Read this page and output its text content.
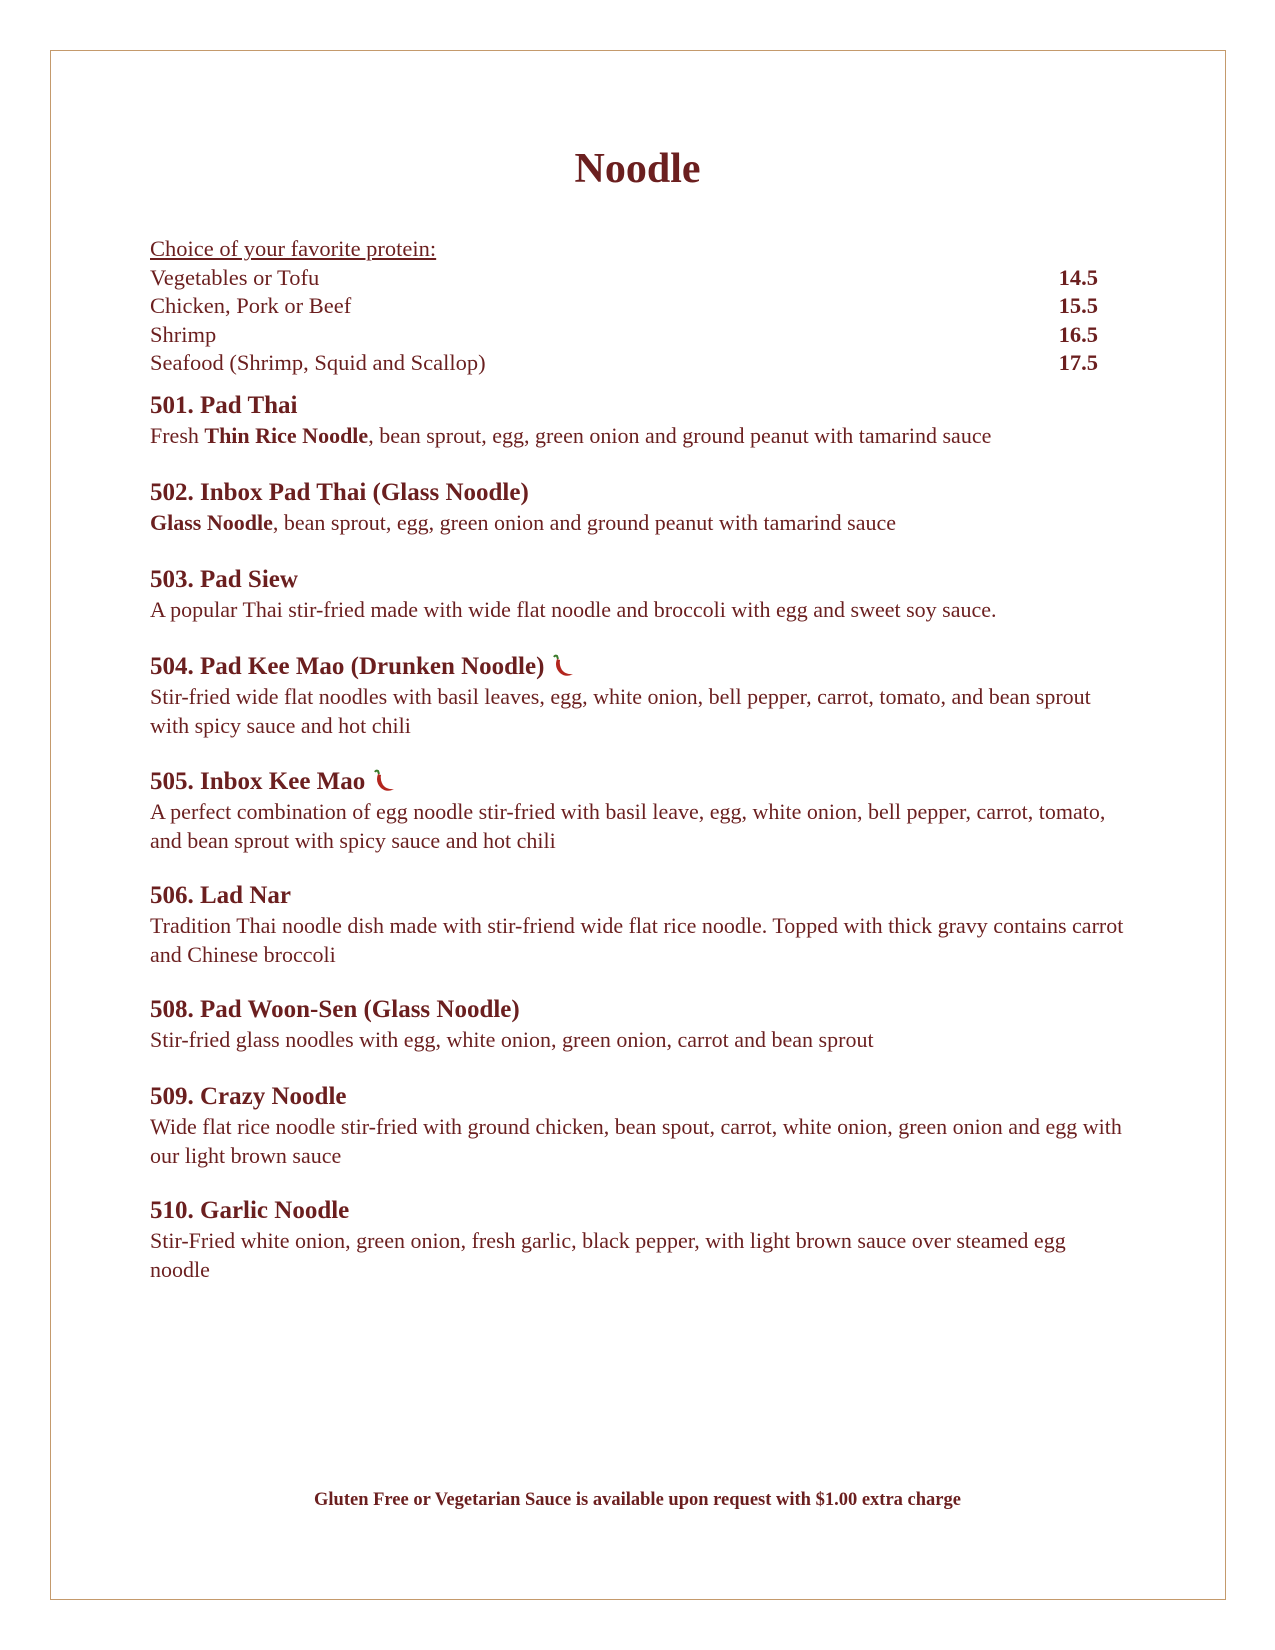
Noodle
Choice of your favorite protein:
Vegetables or Tofu	14.5
Chicken, Pork or Beef	15.5
Shrimp	16.5
Seafood (Shrimp, Squid and Scallop)	17.5
501. Pad Thai
Fresh Thin Rice Noodle, bean sprout, egg, green onion and ground peanut with tamarind sauce
502. Inbox Pad Thai (Glass Noodle)
Glass Noodle, bean sprout, egg, green onion and ground peanut with tamarind sauce
503. Pad Siew
A popular Thai stir-fried made with wide flat noodle and broccoli with egg and sweet soy sauce.
504. Pad Kee Mao (Drunken Noodle)
Stir-fried wide flat noodles with basil leaves, egg, white onion, bell pepper, carrot, tomato, and bean sprout with spicy sauce and hot chili
505. Inbox Kee Mao
A perfect combination of egg noodle stir-fried with basil leave, egg, white onion, bell pepper, carrot, tomato, and bean sprout with spicy sauce and hot chili
506. Lad Nar
Tradition Thai noodle dish made with stir-friend wide flat rice noodle. Topped with thick gravy contains carrot and Chinese broccoli
508. Pad Woon-Sen (Glass Noodle)
Stir-fried glass noodles with egg, white onion, green onion, carrot and bean sprout
509. Crazy Noodle
Wide flat rice noodle stir-fried with ground chicken, bean spout, carrot, white onion, green onion and egg with our light brown sauce
510. Garlic Noodle
Stir-Fried white onion, green onion, fresh garlic, black pepper, with light brown sauce over steamed egg noodle
Gluten Free or Vegetarian Sauce is available upon request with $1.00 extra charge
